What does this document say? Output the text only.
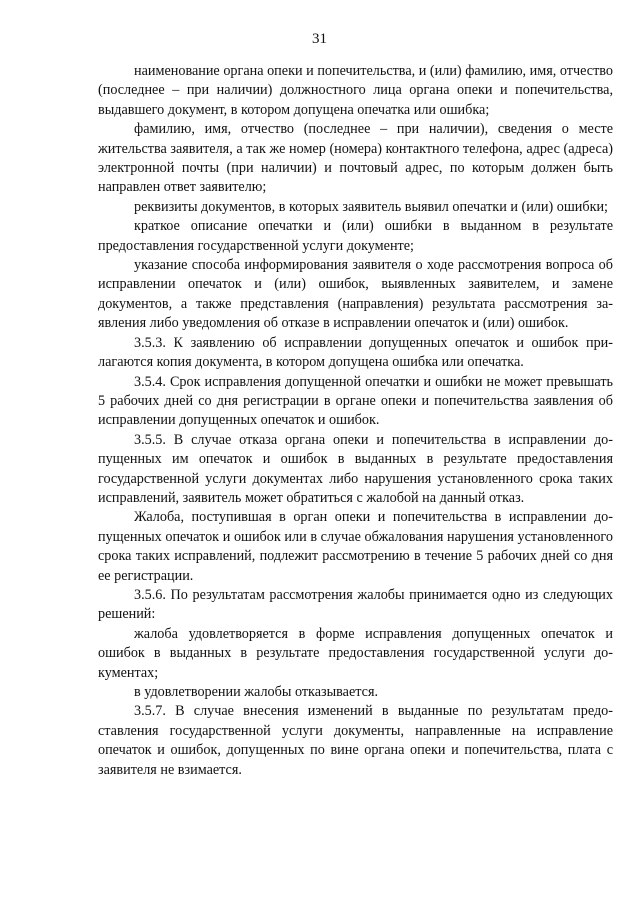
31

наименование органа опеки и попечительства, и (или) фамилию, имя, отчество (последнее – при наличии) должностного лица органа опеки и попечительства, выдавшего документ, в котором допущена опечатка или ошибка;

фамилию, имя, отчество (последнее – при наличии), сведения о месте жительства заявителя, а так же номер (номера) контактного телефона, адрес (адреса) электронной почты (при наличии) и почтовый адрес, по которым должен быть направлен ответ заявителю;

реквизиты документов, в которых заявитель выявил опечатки и (или) ошибки;

краткое описание опечатки и (или) ошибки в выданном в результате предоставления государственной услуги документе;

указание способа информирования заявителя о ходе рассмотрения вопроса об исправлении опечаток и (или) ошибок, выявленных заявителем, и замене документов, а также представления (направления) результата рассмотрения заявления либо уведомления об отказе в исправлении опечаток и (или) ошибок.

3.5.3. К заявлению об исправлении допущенных опечаток и ошибок прилагаются копия документа, в котором допущена ошибка или опечатка.

3.5.4. Срок исправления допущенной опечатки и ошибки не может превышать 5 рабочих дней со дня регистрации в органе опеки и попечительства заявления об исправлении допущенных опечаток и ошибок.

3.5.5. В случае отказа органа опеки и попечительства в исправлении допущенных им опечаток и ошибок в выданных в результате предоставления государственной услуги документах либо нарушения установленного срока таких исправлений, заявитель может обратиться с жалобой на данный отказ.

Жалоба, поступившая в орган опеки и попечительства в исправлении допущенных опечаток и ошибок или в случае обжалования нарушения установленного срока таких исправлений, подлежит рассмотрению в течение 5 рабочих дней со дня ее регистрации.

3.5.6. По результатам рассмотрения жалобы принимается одно из следующих решений:

жалоба удовлетворяется в форме исправления допущенных опечаток и ошибок в выданных в результате предоставления государственной услуги документах;

в удовлетворении жалобы отказывается.

3.5.7. В случае внесения изменений в выданные по результатам предоставления государственной услуги документы, направленные на исправление опечаток и ошибок, допущенных по вине органа опеки и попечительства, плата с заявителя не взимается.
